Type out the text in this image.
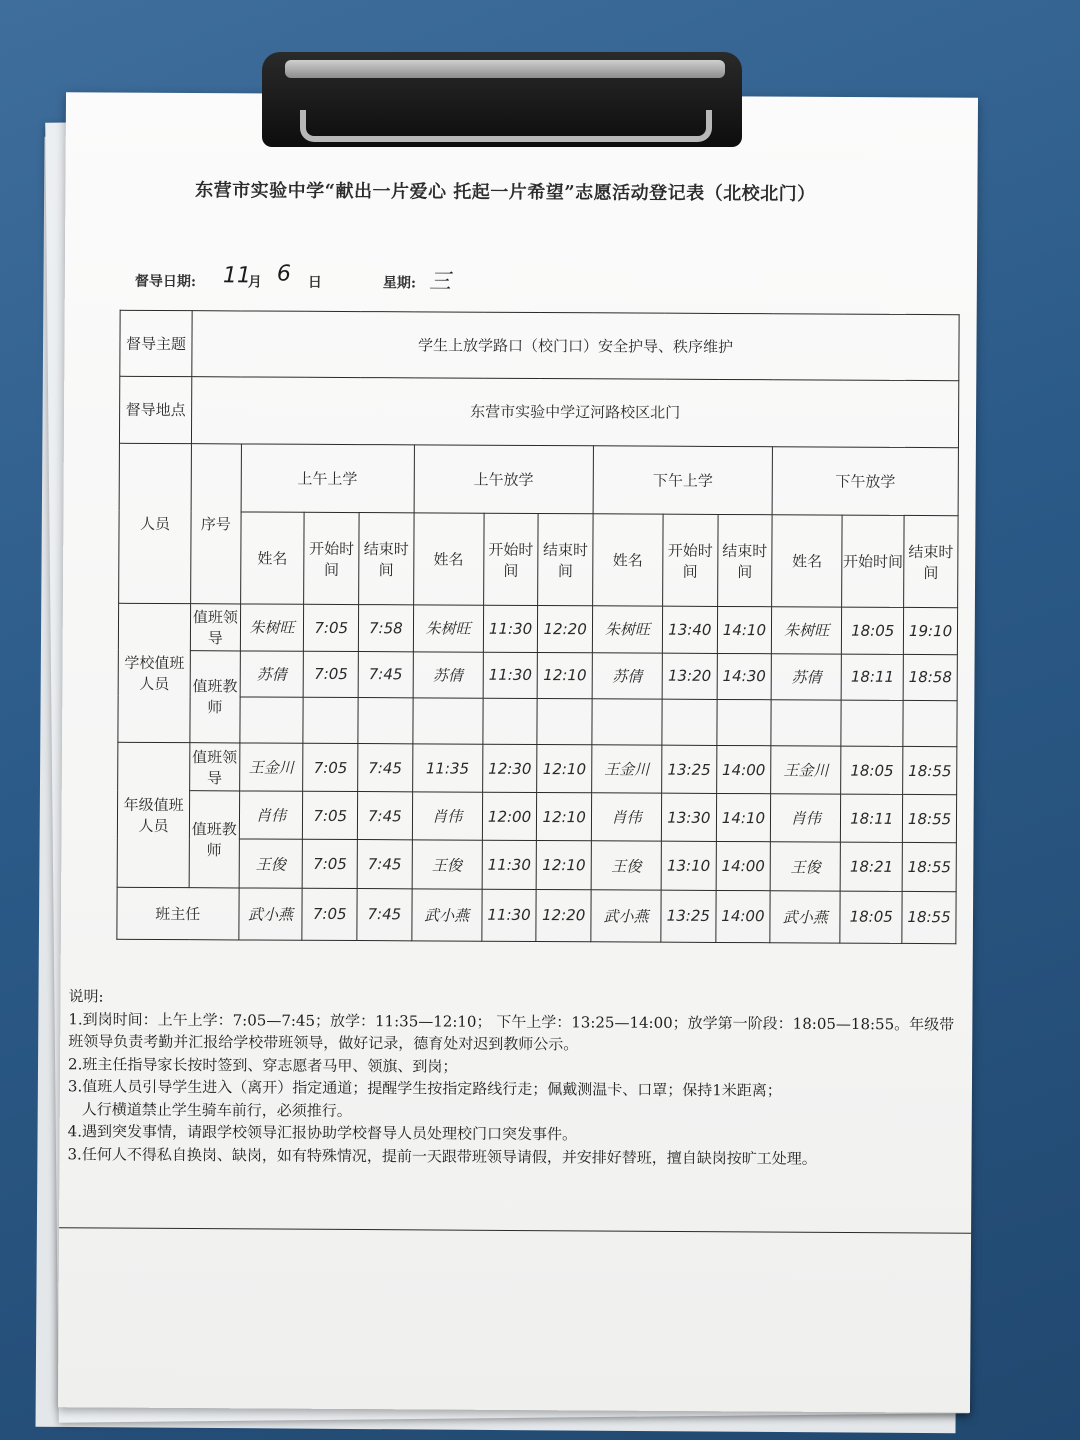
东营市实验中学“献出一片爱心 托起一片希望”志愿活动登记表（北校北门）
督导日期: 11
月 6 日	星期: 三
说明:
1.到岗时间：上午上学：7:05—7:45；放学：11:35—12:10； 下午上学：13:25—14:00；放学第一阶段：18:05—18:55。年级带班领导负责考勤并汇报给学校带班领导，做好记录，德育处对迟到教师公示。
2.班主任指导家长按时签到、穿志愿者马甲、领旗、到岗；
3.值班人员引导学生进入（离开）指定通道；提醒学生按指定路线行走；佩戴测温卡、口罩；保持1米距离；
人行横道禁止学生骑车前行，必须推行。
4.遇到突发事情，请跟学校领导汇报协助学校督导人员处理校门口突发事件。
3.任何人不得私自换岗、缺岗，如有特殊情况，提前一天跟带班领导请假，并安排好替班，擅自缺岗按旷工处理。
督导主题	学生上放学路口（校门口）安全护导、秩序维护												
督导地点	东营市实验中学辽河路校区北门												
人员	序号	上午上学			上午放学			下午上学			下午放学		
		姓名	开始时间	结束时间	姓名	开始时间	结束时间	姓名	开始时间	结束时间	姓名	开始时间	结束时间
学校值班人员	值班领导	朱树旺	7:05	7:58	朱树旺	11:30	12:20	朱树旺	13:40	14:10	朱树旺	18:05	19:10
	值班教师	苏倩	7:05	7:45	苏倩	11:30	12:10	苏倩	13:20	14:30	苏倩	18:11	18:58

年级值班人员	值班领导	王金川	7:05	7:45	11:35	12:30	12:10	王金川	13:25	14:00	王金川	18:05	18:55
	值班教师	肖伟	7:05	7:45	肖伟	12:00	12:10	肖伟	13:30	14:10	肖伟	18:11	18:55
		王俊	7:05	7:45	王俊	11:30	12:10	王俊	13:10	14:00	王俊	18:21	18:55
班主任		武小燕	7:05	7:45	武小燕	11:30	12:20	武小燕	13:25	14:00	武小燕	18:05	18:55
